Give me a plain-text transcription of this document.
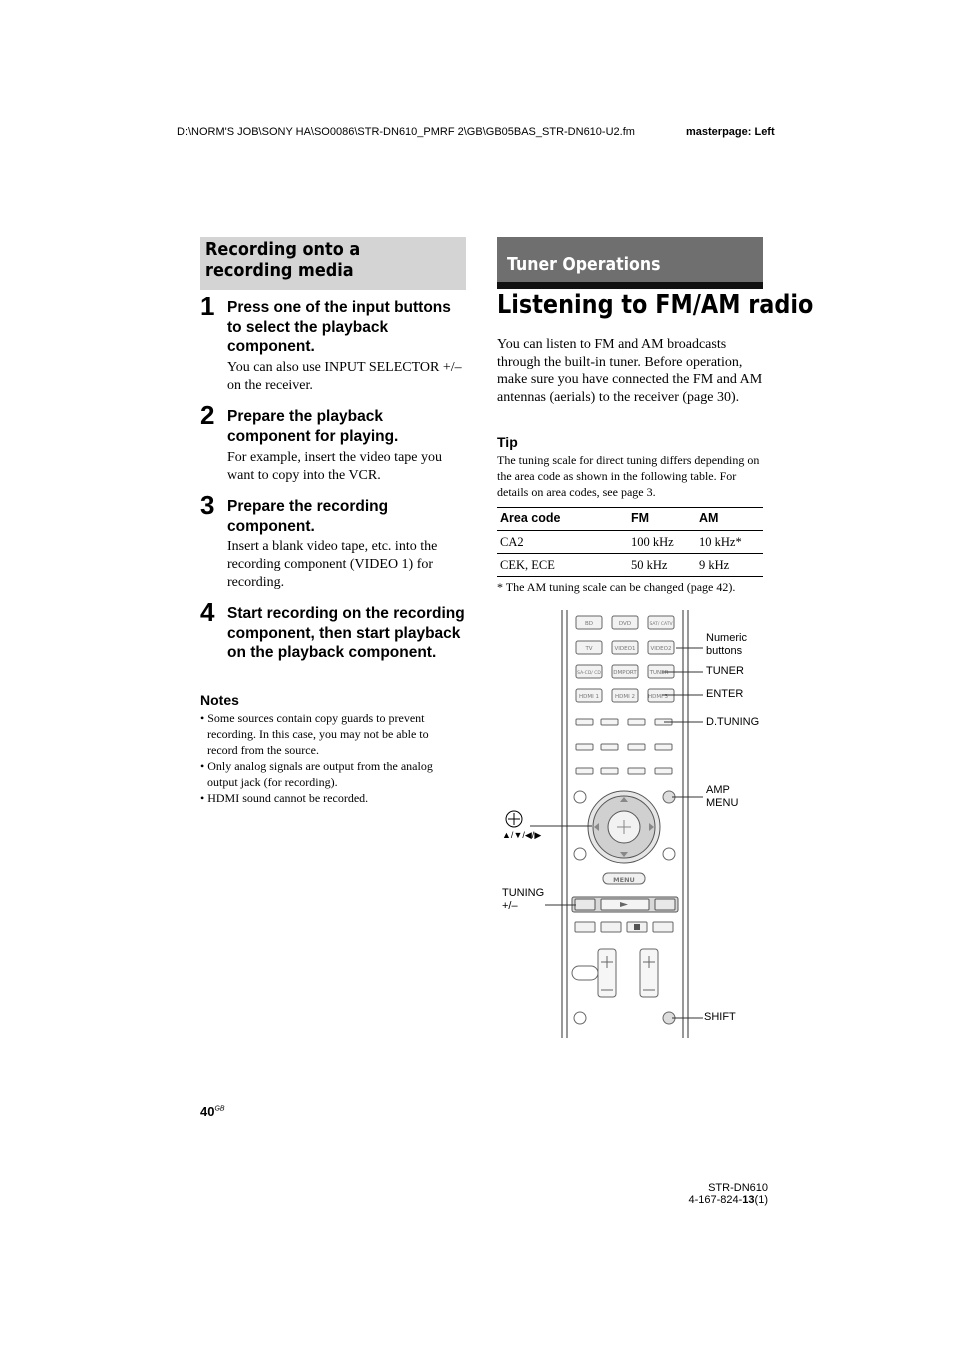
D:\NORM'S JOB\SONY HA\SO0086\STR-DN610_PMRF 2\GB\GB05BAS_STR-DN610-U2.fm	masterpage: Left
Recording onto a recording media
1 Press one of the input buttons to select the playback component.
You can also use INPUT SELECTOR +/– on the receiver.
2 Prepare the playback component for playing.
For example, insert the video tape you want to copy into the VCR.
3 Prepare the recording component.
Insert a blank video tape, etc. into the recording component (VIDEO 1) for recording.
4 Start recording on the recording component, then start playback on the playback component.
Notes
• Some sources contain copy guards to prevent recording. In this case, you may not be able to record from the source.
• Only analog signals are output from the analog output jack (for recording).
• HDMI sound cannot be recorded.
Tuner Operations
Listening to FM/AM radio
You can listen to FM and AM broadcasts through the built-in tuner. Before operation, make sure you have connected the FM and AM antennas (aerials) to the receiver (page 30).
Tip
The tuning scale for direct tuning differs depending on the area code as shown in the following table. For details on area codes, see page 3.
Area code	FM	AM
CA2	100 kHz	10 kHz*
CEK, ECE	50 kHz	9 kHz
* The AM tuning scale can be changed (page 42).
BD	DVD	SAT/ CATV
TV	VIDEO1	VIDEO2
SA-CD/ CD DMPORT TUNER
HDMI 1	HDMI 2 HDMI 3
MENU
Numeric buttons
TUNER
ENTER
D.TUNING
AMP MENU
▲/▼/◀/▶
TUNING +/–
SHIFT
$40^{GB}$
STR-DN610
4-167-824-13(1)
